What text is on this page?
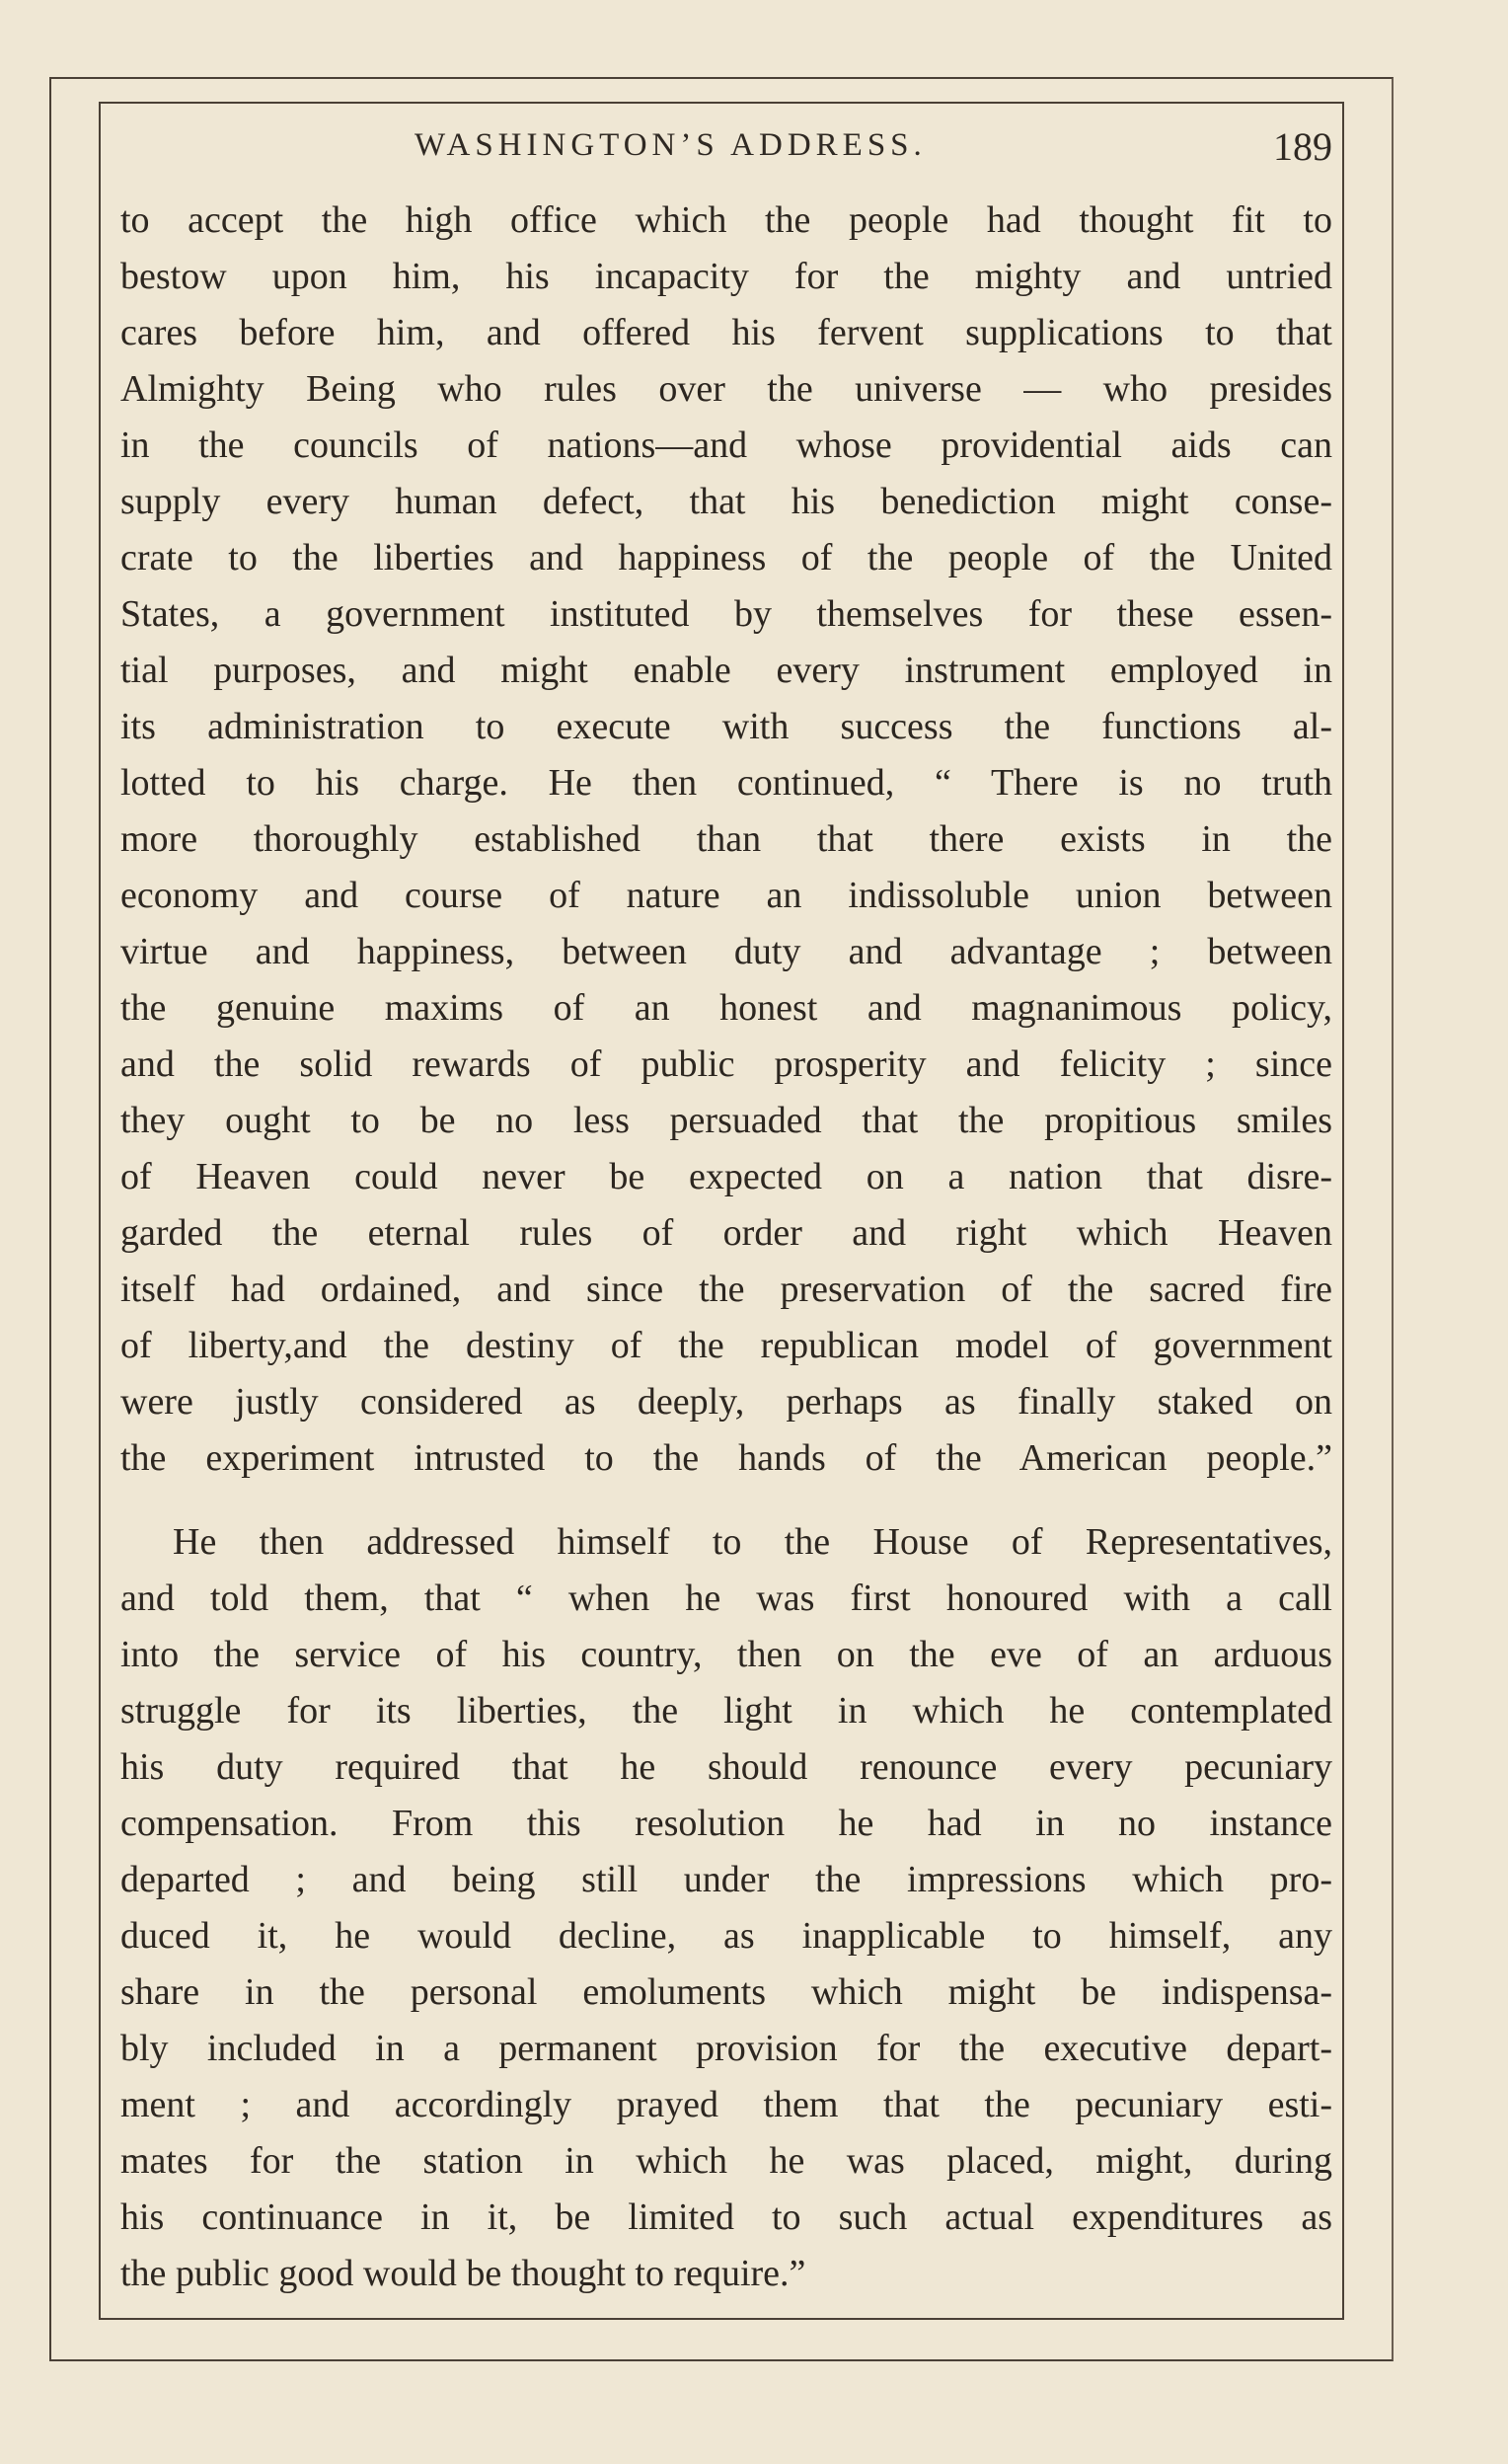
WASHINGTON’S ADDRESS.	189
to accept the high office which the people had thought fit to
bestow upon him, his incapacity for the mighty and untried
cares before him, and offered his fervent supplications to that
Almighty Being who rules over the universe — who presides
in the councils of nations—and whose providential aids can
supply every human defect, that his benediction might conse-
crate to the liberties and happiness of the people of the United
States, a government instituted by themselves for these essen-
tial purposes, and might enable every instrument employed in
its administration to execute with success the functions al-
lotted to his charge. He then continued, “ There is no truth
more thoroughly established than that there exists in the
economy and course of nature an indissoluble union between
virtue and happiness, between duty and advantage ; between
the genuine maxims of an honest and magnanimous policy,
and the solid rewards of public prosperity and felicity ; since
they ought to be no less persuaded that the propitious smiles
of Heaven could never be expected on a nation that disre-
garded the eternal rules of order and right which Heaven
itself had ordained, and since the preservation of the sacred fire
of liberty,and the destiny of the republican model of government
were justly considered as deeply, perhaps as finally staked on
the experiment intrusted to the hands of the American people.”
He then addressed himself to the House of Representatives,
and told them, that “ when he was first honoured with a call
into the service of his country, then on the eve of an arduous
struggle for its liberties, the light in which he contemplated
his duty required that he should renounce every pecuniary
compensation. From this resolution he had in no instance
departed ; and being still under the impressions which pro-
duced it, he would decline, as inapplicable to himself, any
share in the personal emoluments which might be indispensa-
bly included in a permanent provision for the executive depart-
ment ; and accordingly prayed them that the pecuniary esti-
mates for the station in which he was placed, might, during
his continuance in it, be limited to such actual expenditures as
the public good would be thought to require.”
